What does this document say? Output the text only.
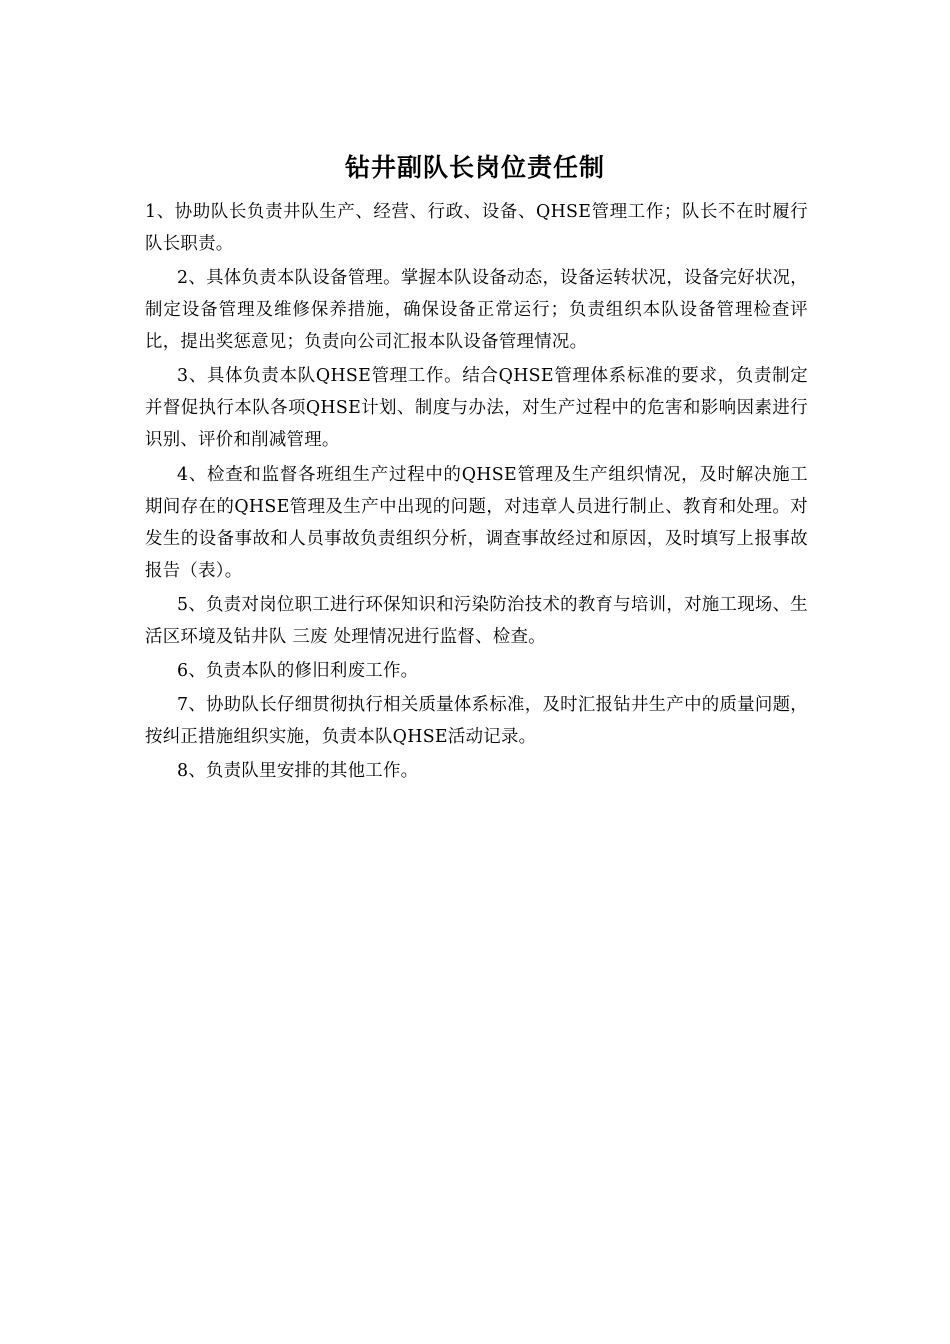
钻井副队长岗位责任制

1、协助队长负责井队生产、经营、行政、设备、QHSE管理工作；队长不在时履行队长职责。

2、具体负责本队设备管理。掌握本队设备动态，设备运转状况，设备完好状况，制定设备管理及维修保养措施，确保设备正常运行；负责组织本队设备管理检查评比，提出奖惩意见；负责向公司汇报本队设备管理情况。

3、具体负责本队QHSE管理工作。结合QHSE管理体系标准的要求，负责制定并督促执行本队各项QHSE计划、制度与办法，对生产过程中的危害和影响因素进行识别、评价和削减管理。

4、检查和监督各班组生产过程中的QHSE管理及生产组织情况，及时解决施工期间存在的QHSE管理及生产中出现的问题，对违章人员进行制止、教育和处理。对发生的设备事故和人员事故负责组织分析，调查事故经过和原因，及时填写上报事故报告（表）。

5、负责对岗位职工进行环保知识和污染防治技术的教育与培训，对施工现场、生活区环境及钻井队 三废 处理情况进行监督、检查。

6、负责本队的修旧利废工作。

7、协助队长仔细贯彻执行相关质量体系标准，及时汇报钻井生产中的质量问题，按纠正措施组织实施，负责本队QHSE活动记录。

8、负责队里安排的其他工作。
